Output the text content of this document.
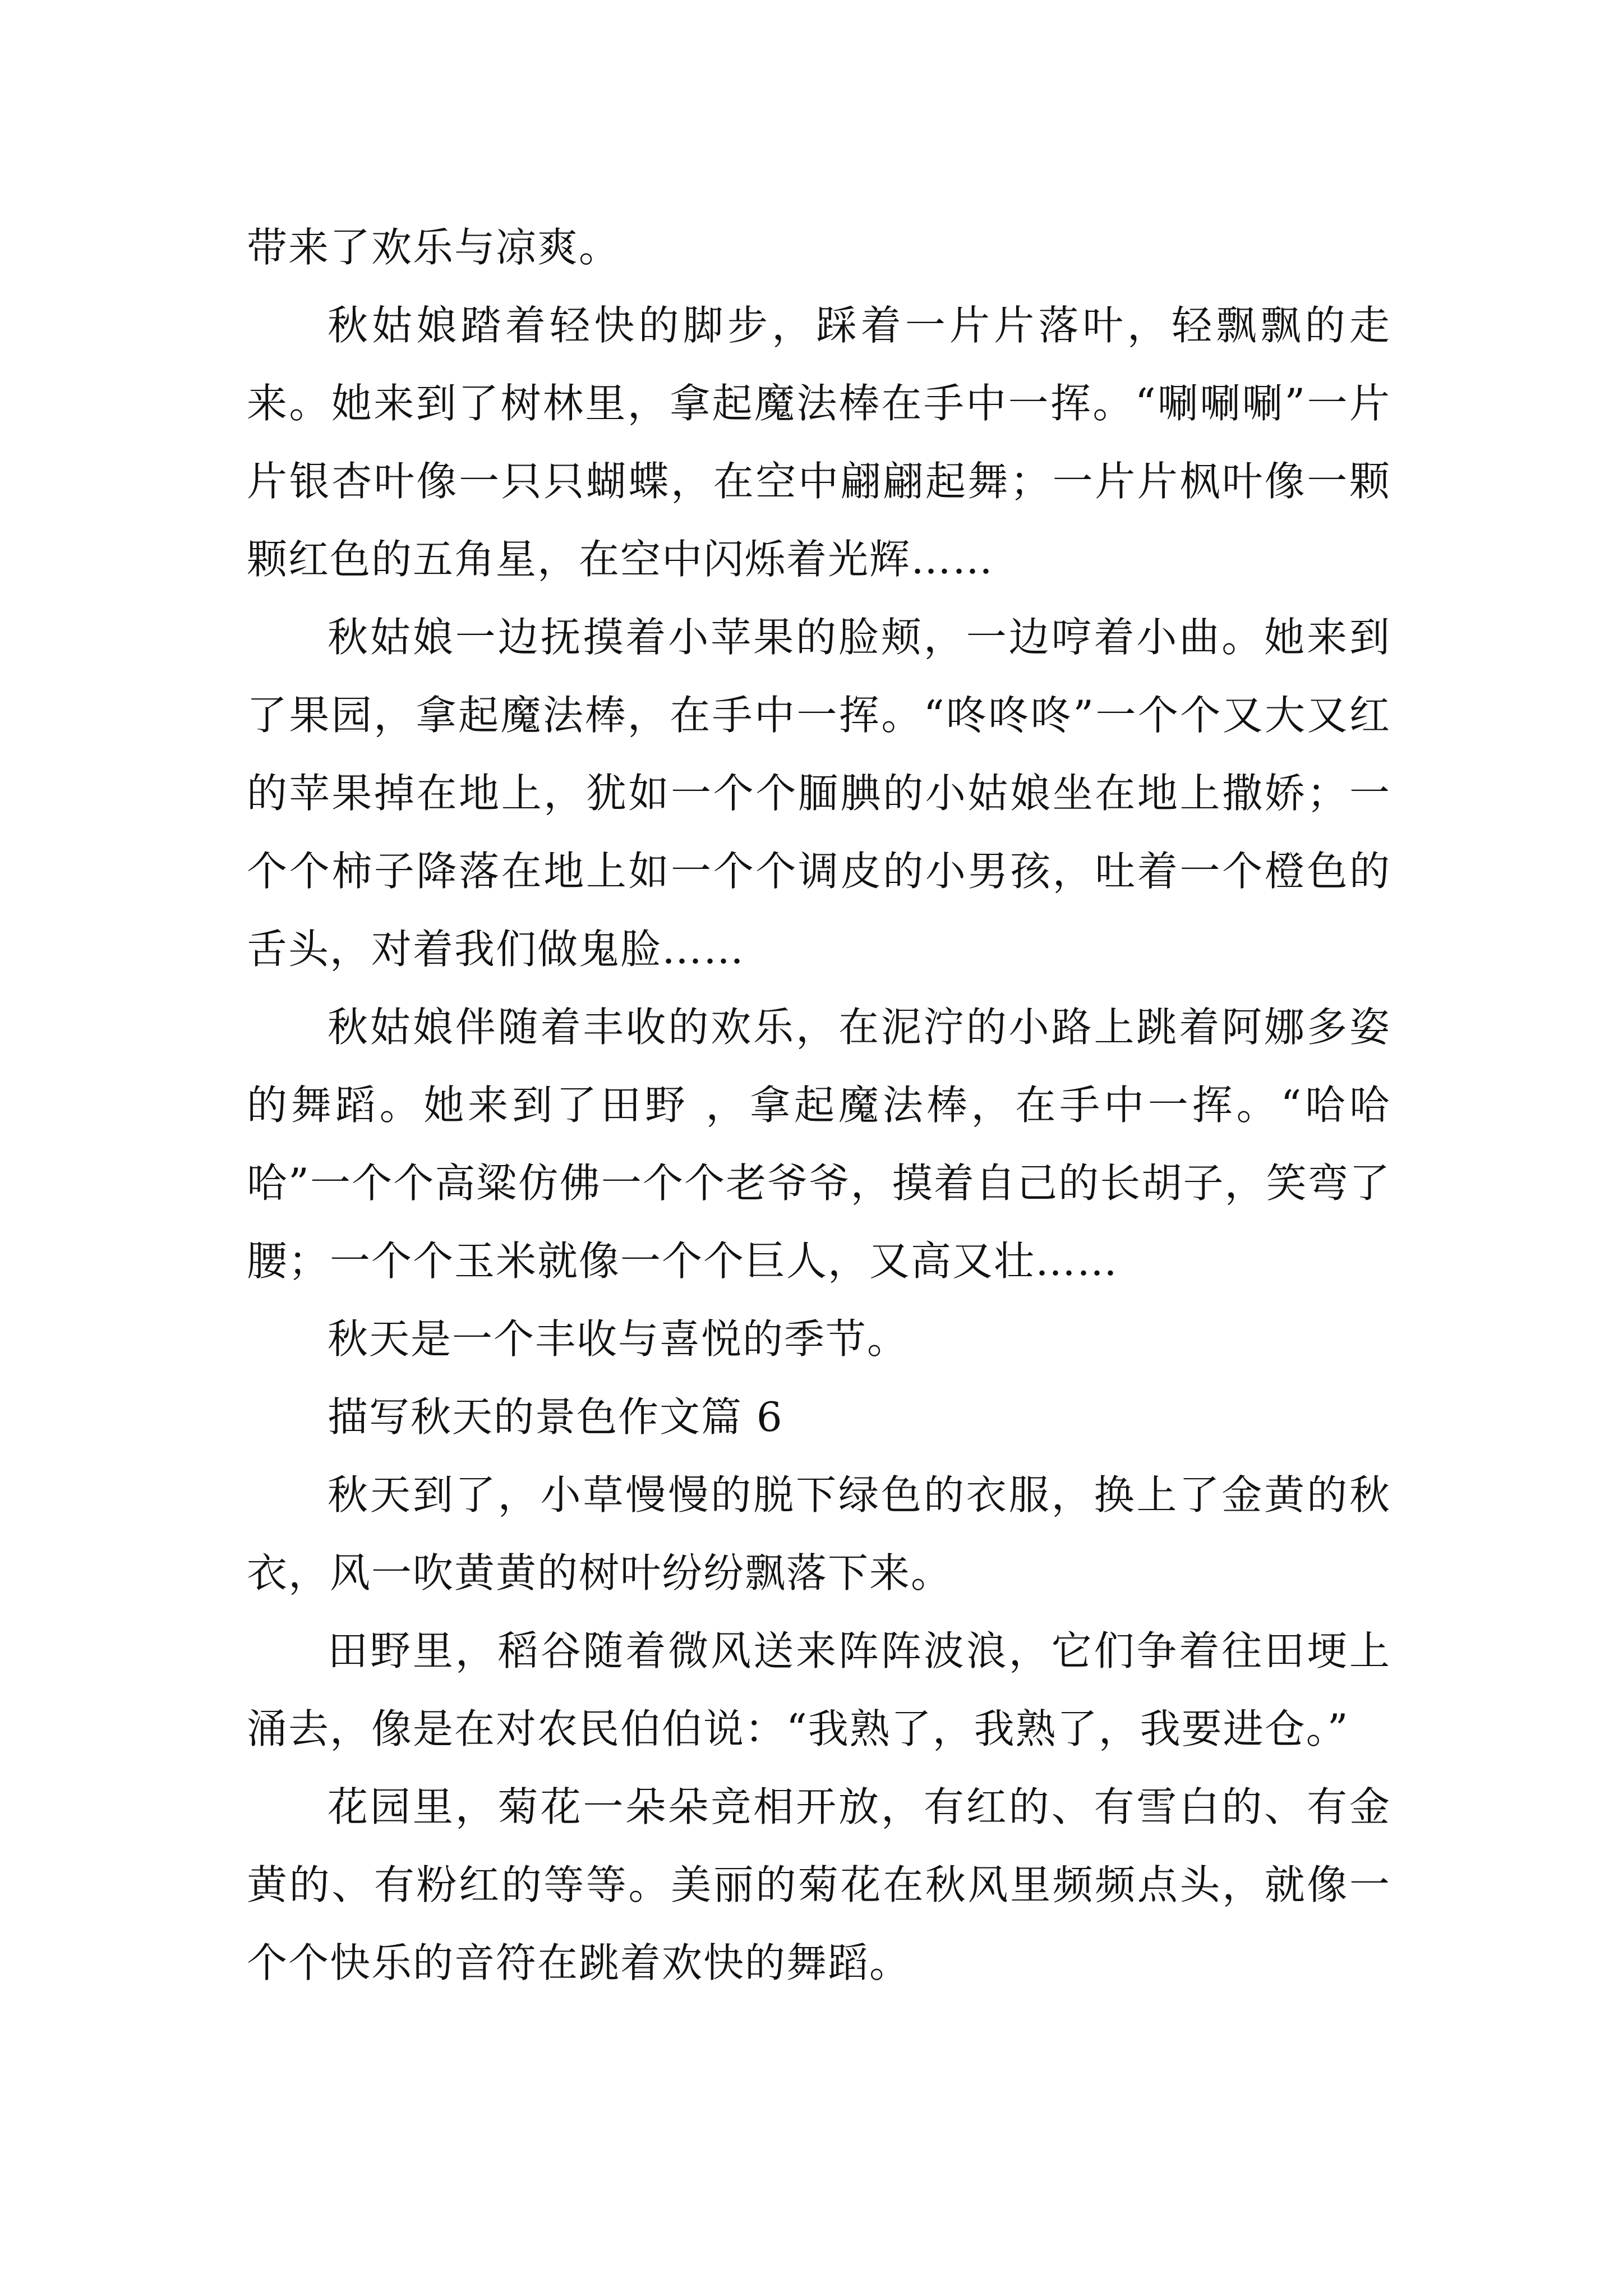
带来了欢乐与凉爽。

秋姑娘踏着轻快的脚步，踩着一片片落叶，轻飘飘的走来。她来到了树林里，拿起魔法棒在手中一挥。“唰唰唰”一片片银杏叶像一只只蝴蝶，在空中翩翩起舞；一片片枫叶像一颗颗红色的五角星，在空中闪烁着光辉……

秋姑娘一边抚摸着小苹果的脸颊，一边哼着小曲。她来到了果园，拿起魔法棒，在手中一挥。“咚咚咚”一个个又大又红的苹果掉在地上，犹如一个个腼腆的小姑娘坐在地上撒娇；一个个柿子降落在地上如一个个调皮的小男孩，吐着一个橙色的舌头，对着我们做鬼脸……

秋姑娘伴随着丰收的欢乐，在泥泞的小路上跳着阿娜多姿的舞蹈。她来到了田野 ，拿起魔法棒，在手中一挥。“哈哈哈”一个个高粱仿佛一个个老爷爷，摸着自己的长胡子，笑弯了腰；一个个玉米就像一个个巨人，又高又壮……

秋天是一个丰收与喜悦的季节。

描写秋天的景色作文篇 6

秋天到了，小草慢慢的脱下绿色的衣服，换上了金黄的秋衣，风一吹黄黄的树叶纷纷飘落下来。

田野里，稻谷随着微风送来阵阵波浪，它们争着往田埂上涌去，像是在对农民伯伯说：“我熟了，我熟了，我要进仓。”

花园里，菊花一朵朵竞相开放，有红的、有雪白的、有金黄的、有粉红的等等。美丽的菊花在秋风里频频点头，就像一个个快乐的音符在跳着欢快的舞蹈。
